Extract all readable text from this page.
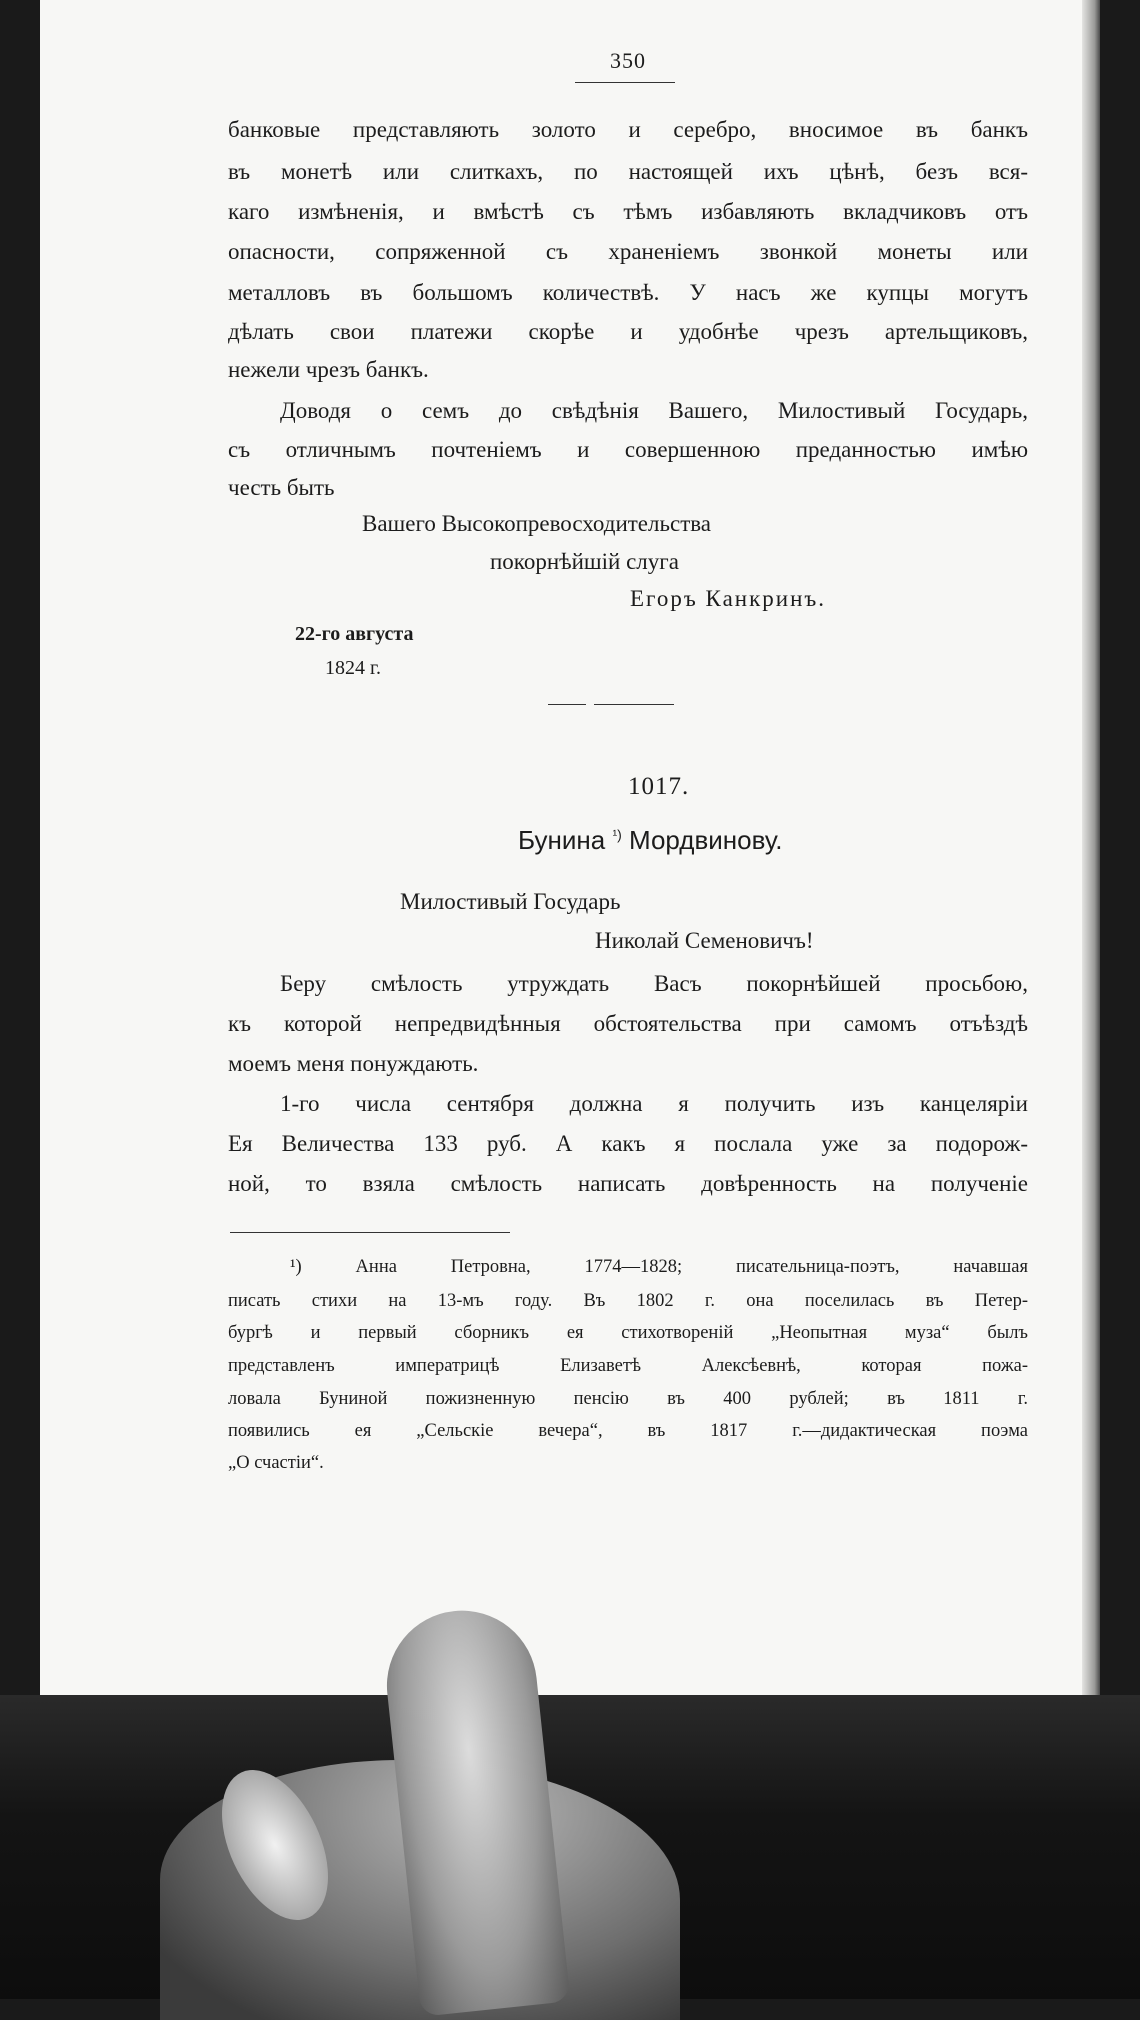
350
банковые представляють золото и серебро, вносимое въ банкъ
въ монетѣ или слиткахъ, по настоящей ихъ цѣнѣ, безъ вся-
каго измѣненія, и вмѣстѣ съ тѣмъ избавляють вкладчиковъ отъ
опасности, сопряженной съ храненіемъ звонкой монеты или
металловъ въ большомъ количествѣ. У насъ же купцы могутъ
дѣлать свои платежи скорѣе и удобнѣе чрезъ артельщиковъ,
нежели чрезъ банкъ.
Доводя о семъ до свѣдѣнія Вашего, Милостивый Государь,
съ отличнымъ почтеніемъ и совершенною преданностью имѣю
честь быть
Вашего Высокопревосходительства
покорнѣйшій слуга
Егоръ Канкринъ.
22-го августа
1824 г.
1017.
Бунина $^{^1)}$ Мордвинову.
Милостивый Государь
Николай Семеновичъ!
Беру смѣлость утруждать Васъ покорнѣйшей просьбою,
къ которой непредвидѣнныя обстоятельства при самомъ отъѣздѣ
моемъ меня понуждають.
1-го числа сентября должна я получить изъ канцеляріи
Ея Величества 133 руб. А какъ я послала уже за подорож-
ной, то взяла смѣлость написать довѣренность на полученіе
¹) Анна Петровна, 1774—1828; писательница-поэтъ, начавшая
писать стихи на 13-мъ году. Въ 1802 г. она поселилась въ Петер-
бургѣ и первый сборникъ ея стихотвореній „Неопытная муза“ былъ
представленъ императрицѣ Елизаветѣ Алексѣевнѣ, которая пожа-
ловала Буниной пожизненную пенсію въ 400 рублей; въ 1811 г.
появились ея „Сельскіе вечера“, въ 1817 г.—дидактическая поэма
„О счастіи“.
